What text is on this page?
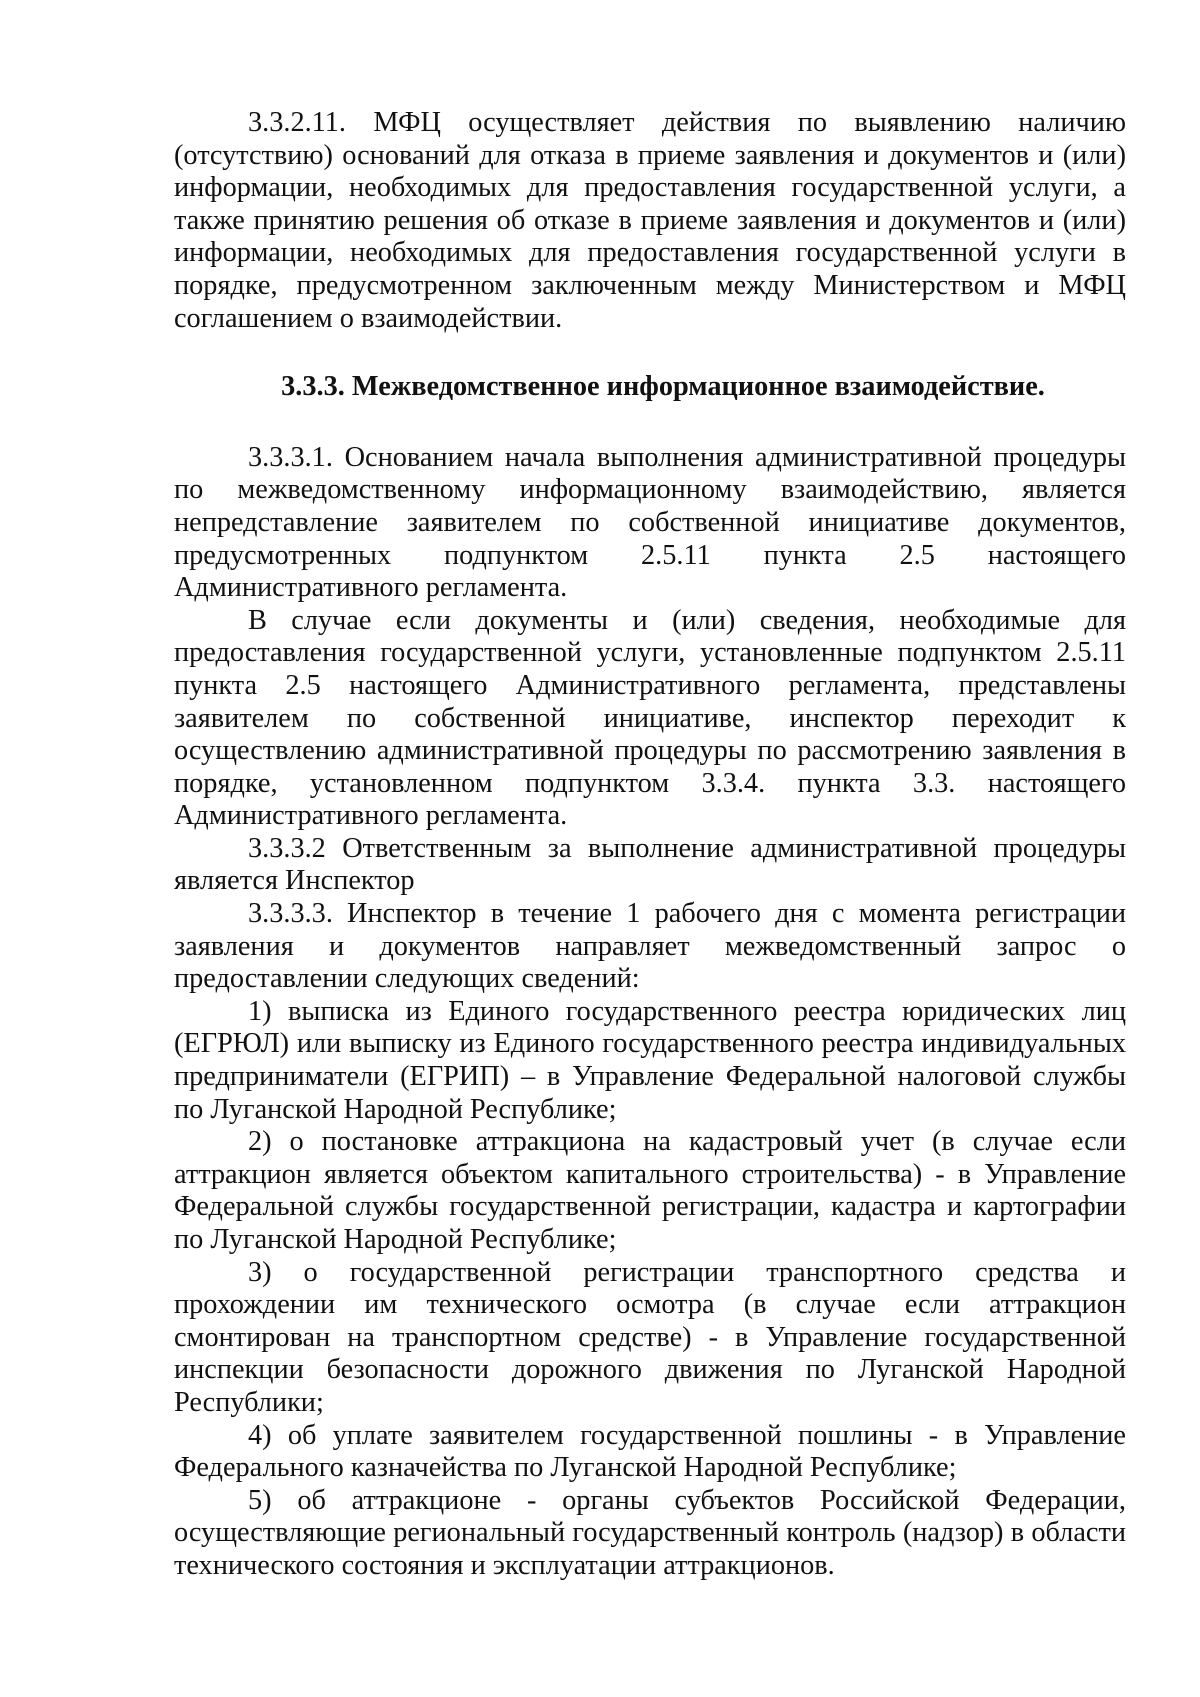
3.3.2.11. МФЦ осуществляет действия по выявлению наличию (отсутствию) оснований для отказа в приеме заявления и документов и (или) информации, необходимых для предоставления государственной услуги, а также принятию решения об отказе в приеме заявления и документов и (или) информации, необходимых для предоставления государственной услуги в порядке, предусмотренном заключенным между Министерством и МФЦ соглашением о взаимодействии.

3.3.3. Межведомственное информационное взаимодействие.

3.3.3.1. Основанием начала выполнения административной процедуры по межведомственному информационному взаимодействию, является непредставление заявителем по собственной инициативе документов, предусмотренных подпунктом 2.5.11 пункта 2.5 настоящего Административного регламента.

В случае если документы и (или) сведения, необходимые для предоставления государственной услуги, установленные подпунктом 2.5.11 пункта 2.5 настоящего Административного регламента, представлены заявителем по собственной инициативе, инспектор переходит к осуществлению административной процедуры по рассмотрению заявления в порядке, установленном подпунктом 3.3.4. пункта 3.3. настоящего Административного регламента.

3.3.3.2 Ответственным за выполнение административной процедуры является Инспектор

3.3.3.3. Инспектор в течение 1 рабочего дня с момента регистрации заявления и документов направляет межведомственный запрос о предоставлении следующих сведений:

1) выписка из Единого государственного реестра юридических лиц (ЕГРЮЛ) или выписку из Единого государственного реестра индивидуальных предприниматели (ЕГРИП) – в Управление Федеральной налоговой службы по Луганской Народной Республике;

2) о постановке аттракциона на кадастровый учет (в случае если аттракцион является объектом капитального строительства) - в Управление Федеральной службы государственной регистрации, кадастра и картографии по Луганской Народной Республике;

3) о государственной регистрации транспортного средства и прохождении им технического осмотра (в случае если аттракцион смонтирован на транспортном средстве) - в Управление государственной инспекции безопасности дорожного движения по Луганской Народной Республики;

4) об уплате заявителем государственной пошлины - в Управление Федерального казначейства по Луганской Народной Республике;

5) об аттракционе - органы субъектов Российской Федерации, осуществляющие региональный государственный контроль (надзор) в области технического состояния и эксплуатации аттракционов.
